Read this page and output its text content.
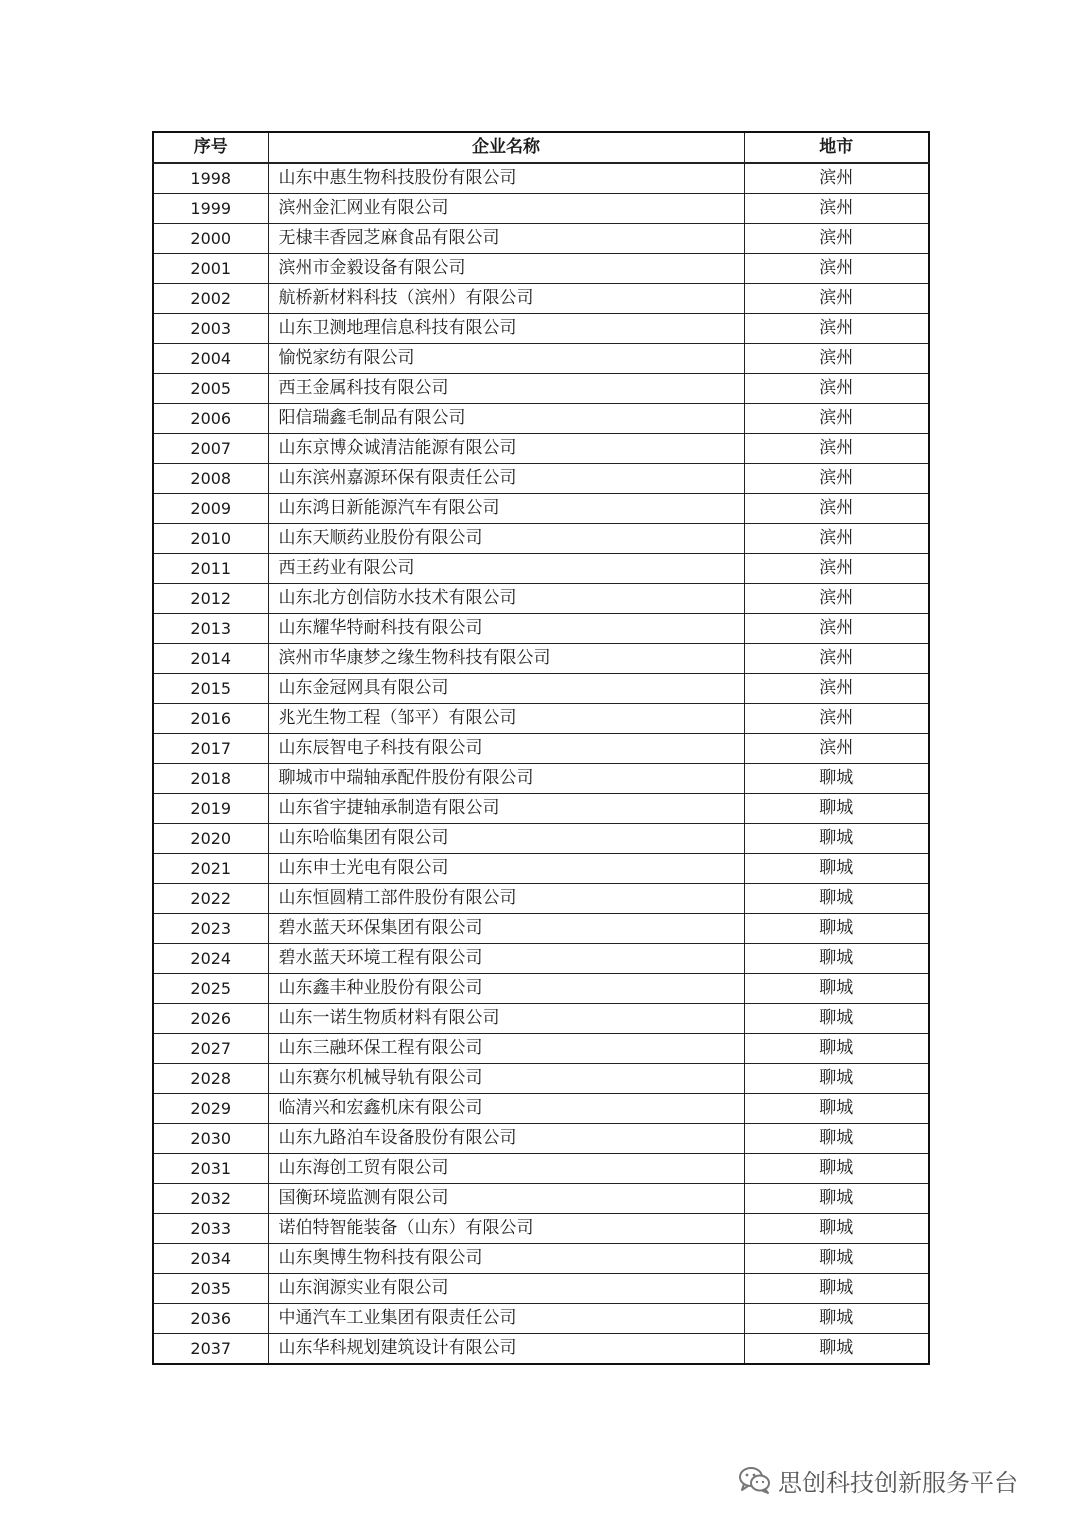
序号	企业名称	地市
1998	山东中惠生物科技股份有限公司	滨州
1999	滨州金汇网业有限公司	滨州
2000	无棣丰香园芝麻食品有限公司	滨州
2001	滨州市金毅设备有限公司	滨州
2002	航桥新材料科技（滨州）有限公司	滨州
2003	山东卫测地理信息科技有限公司	滨州
2004	愉悦家纺有限公司	滨州
2005	西王金属科技有限公司	滨州
2006	阳信瑞鑫毛制品有限公司	滨州
2007	山东京博众诚清洁能源有限公司	滨州
2008	山东滨州嘉源环保有限责任公司	滨州
2009	山东鸿日新能源汽车有限公司	滨州
2010	山东天顺药业股份有限公司	滨州
2011	西王药业有限公司	滨州
2012	山东北方创信防水技术有限公司	滨州
2013	山东耀华特耐科技有限公司	滨州
2014	滨州市华康梦之缘生物科技有限公司	滨州
2015	山东金冠网具有限公司	滨州
2016	兆光生物工程（邹平）有限公司	滨州
2017	山东辰智电子科技有限公司	滨州
2018	聊城市中瑞轴承配件股份有限公司	聊城
2019	山东省宇捷轴承制造有限公司	聊城
2020	山东哈临集团有限公司	聊城
2021	山东申士光电有限公司	聊城
2022	山东恒圆精工部件股份有限公司	聊城
2023	碧水蓝天环保集团有限公司	聊城
2024	碧水蓝天环境工程有限公司	聊城
2025	山东鑫丰种业股份有限公司	聊城
2026	山东一诺生物质材料有限公司	聊城
2027	山东三融环保工程有限公司	聊城
2028	山东赛尔机械导轨有限公司	聊城
2029	临清兴和宏鑫机床有限公司	聊城
2030	山东九路泊车设备股份有限公司	聊城
2031	山东海创工贸有限公司	聊城
2032	国衡环境监测有限公司	聊城
2033	诺伯特智能装备（山东）有限公司	聊城
2034	山东奥博生物科技有限公司	聊城
2035	山东润源实业有限公司	聊城
2036	中通汽车工业集团有限责任公司	聊城
2037	山东华科规划建筑设计有限公司	聊城
思创科技创新服务平台
